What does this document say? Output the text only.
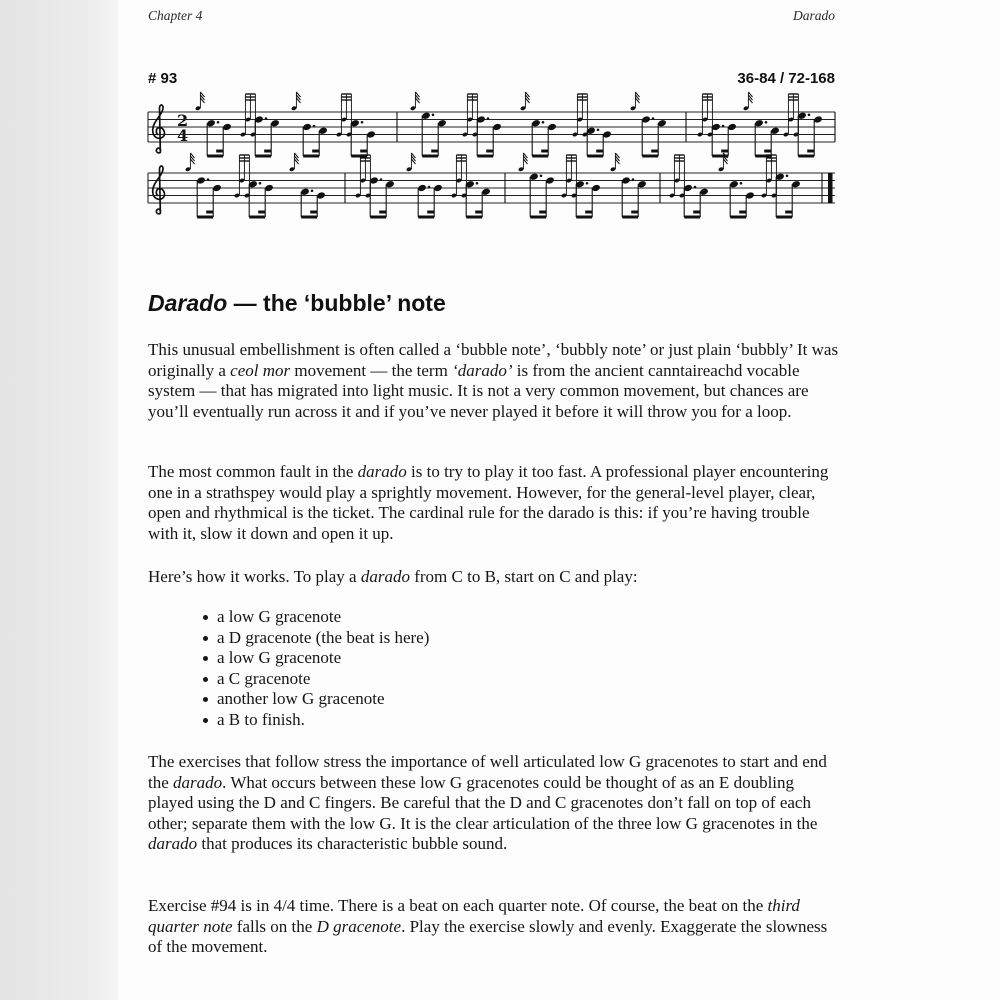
Chapter 4	Darado
# 93	36-84 / 72-168
2
4
Darado — the ‘bubble’ note
This unusual embellishment is often called a ‘bubble note’, ‘bubbly note’ or just plain ‘bubbly’ It was originally a ceol mor movement — the term ‘darado’ is from the ancient canntaireachd vocable system — that has migrated into light music. It is not a very common movement, but chances are you’ll eventually run across it and if you’ve never played it before it will throw you for a loop.
The most common fault in the darado is to try to play it too fast. A professional player encountering one in a strathspey would play a sprightly movement. However, for the general-level player, clear, open and rhythmical is the ticket. The cardinal rule for the darado is this: if you’re having trouble with it, slow it down and open it up.
Here’s how it works. To play a darado from C to B, start on C and play:
a low G gracenote
a D gracenote (the beat is here)
a low G gracenote
a C gracenote
another low G gracenote
a B to finish.
The exercises that follow stress the importance of well articulated low G gracenotes to start and end the darado. What occurs between these low G gracenotes could be thought of as an E doubling played using the D and C fingers. Be careful that the D and C gracenotes don’t fall on top of each other; separate them with the low G. It is the clear articulation of the three low G gracenotes in the darado that produces its characteristic bubble sound.
Exercise #94 is in 4/4 time. There is a beat on each quarter note. Of course, the beat on the third quarter note falls on the D gracenote. Play the exercise slowly and evenly. Exaggerate the slowness of the movement.
